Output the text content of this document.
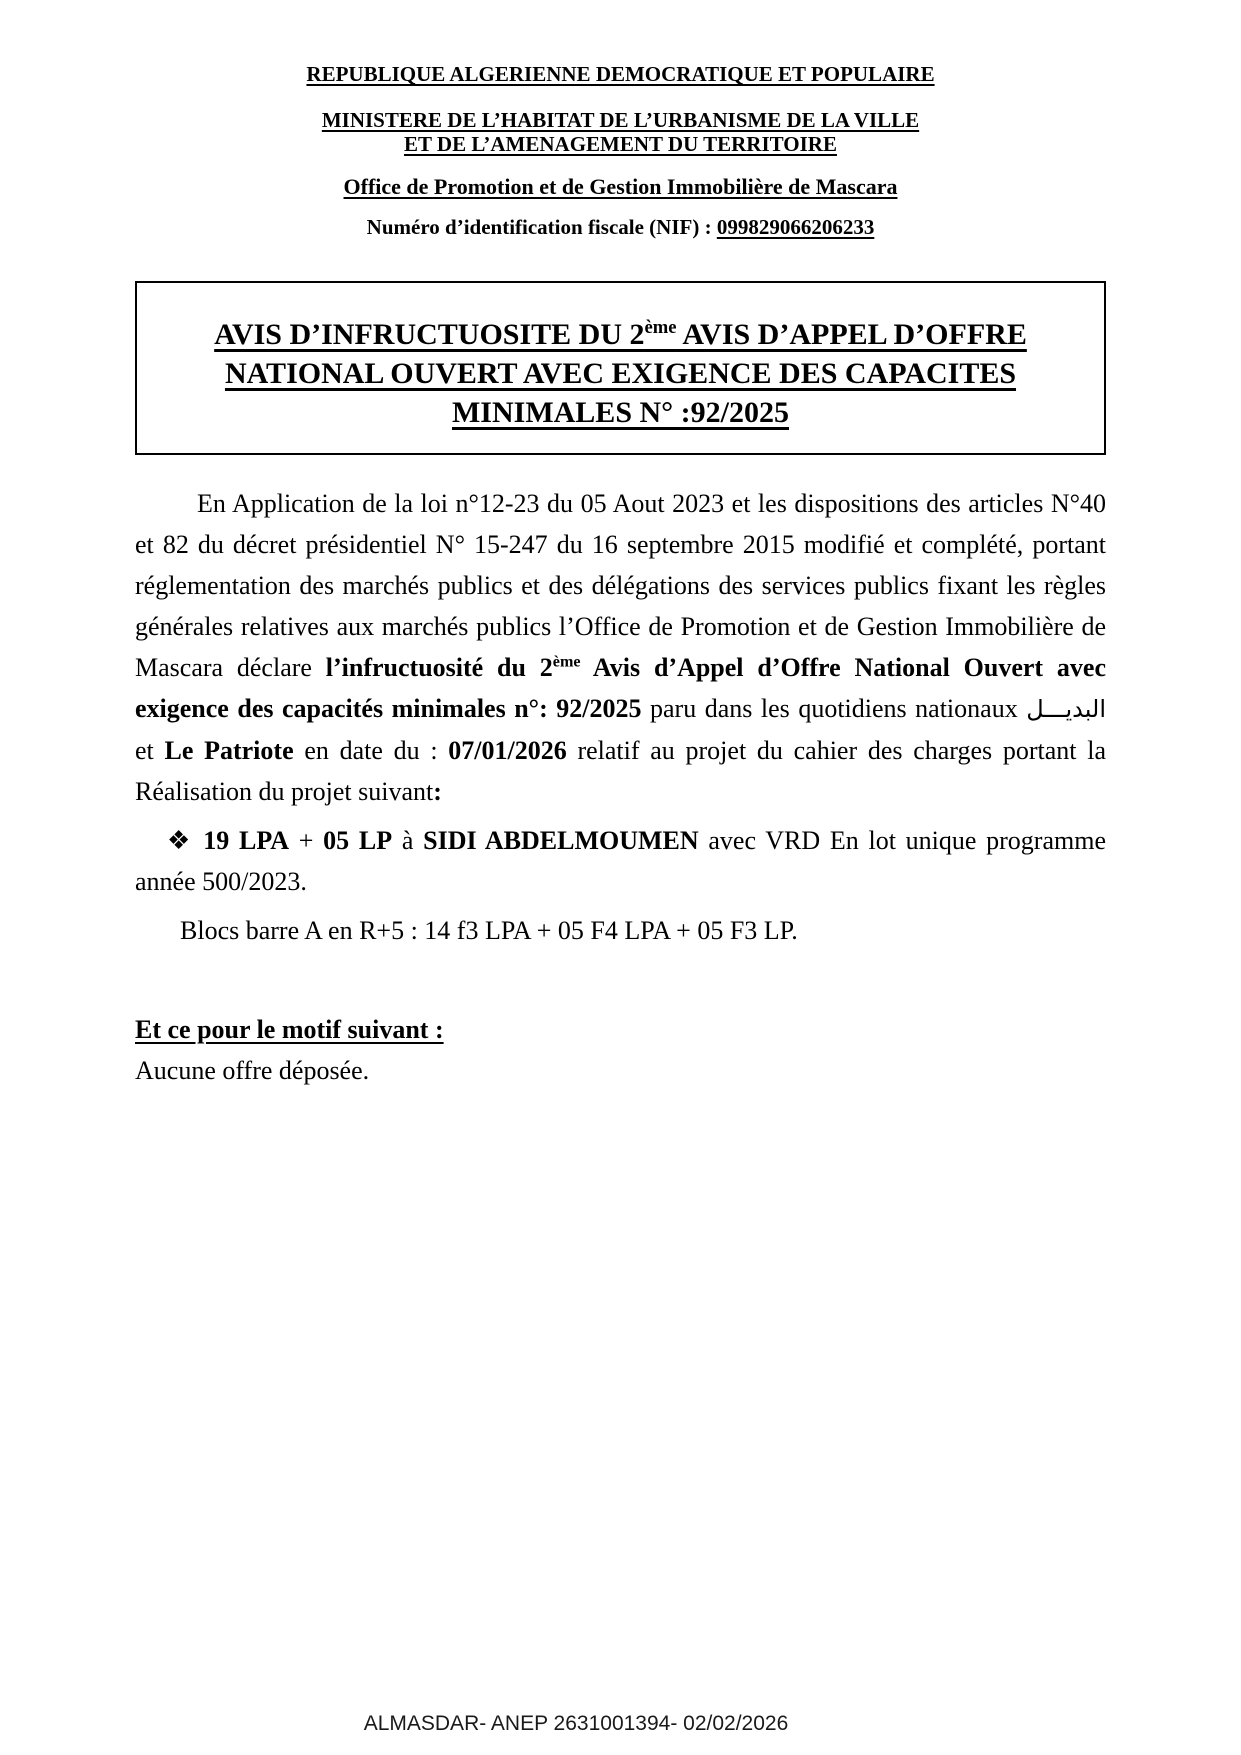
REPUBLIQUE ALGERIENNE DEMOCRATIQUE ET POPULAIRE

MINISTERE DE L’HABITAT DE L’URBANISME DE LA VILLE
ET DE L’AMENAGEMENT DU TERRITOIRE

Office de Promotion et de Gestion Immobilière de Mascara

Numéro d’identification fiscale (NIF) : 099829066206233

AVIS D’INFRUCTUOSITE DU 2ème AVIS D’APPEL D’OFFRE
NATIONAL OUVERT AVEC EXIGENCE DES CAPACITES
MINIMALES N° :92/2025

En Application de la loi n°12-23 du 05 Aout 2023 et les dispositions des articles N°40 et 82 du décret présidentiel N° 15-247 du 16 septembre 2015 modifié et complété, portant réglementation des marchés publics et des délégations des services publics fixant les règles générales relatives aux marchés publics l’Office de Promotion et de Gestion Immobilière de Mascara déclare l’infructuosité du 2ème Avis d’Appel d’Offre National Ouvert avec exigence des capacités minimales n°: 92/2025 paru dans les quotidiens nationaux البديـــل et Le Patriote en date du : 07/01/2026 relatif au projet du cahier des charges portant la Réalisation du projet suivant:

❖ 19 LPA + 05 LP à SIDI ABDELMOUMEN avec VRD En lot unique programme année 500/2023.

Blocs barre A en R+5 : 14 f3 LPA + 05 F4 LPA + 05 F3 LP.

Et ce pour le motif suivant :

Aucune offre déposée.

ALMASDAR- ANEP 2631001394- 02/02/2026
